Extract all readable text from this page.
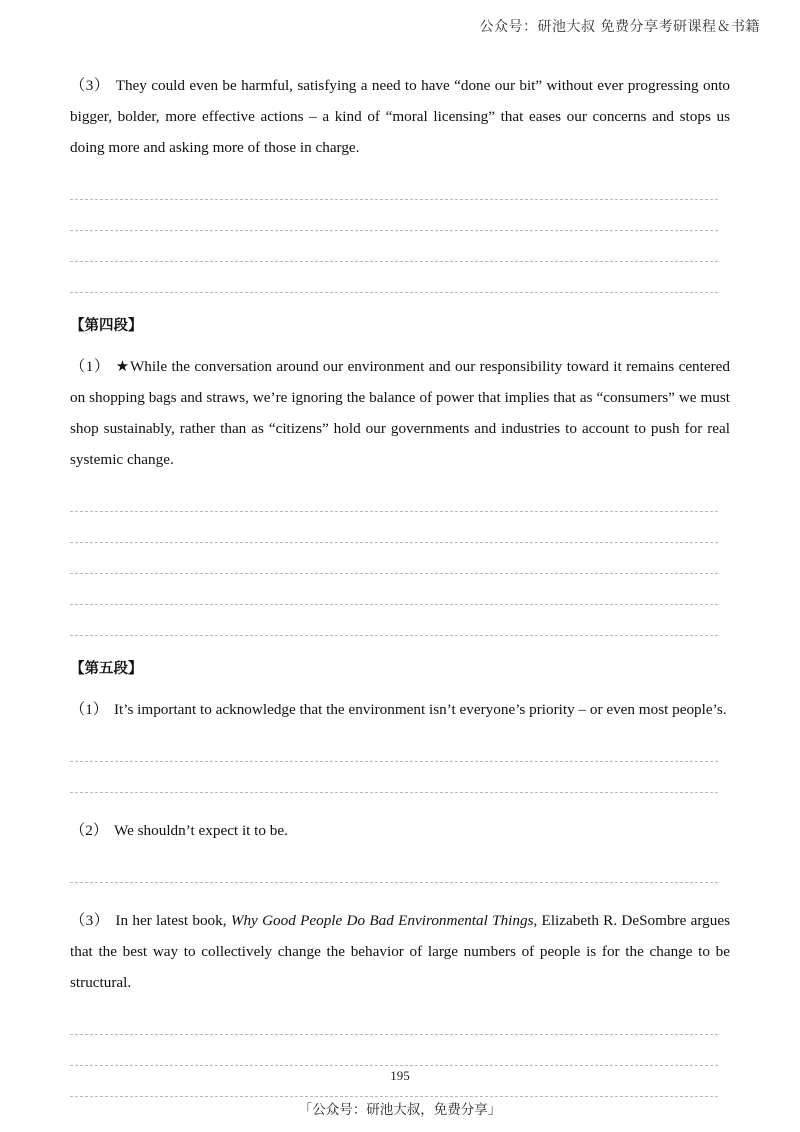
公众号：研池大叔 免费分享考研课程＆书籍

（3） They could even be harmful, satisfying a need to have “done our bit” without ever progressing onto bigger, bolder, more effective actions – a kind of “moral licensing” that eases our concerns and stops us doing more and asking more of those in charge.

【第四段】

（1） ★While the conversation around our environment and our responsibility toward it remains centered on shopping bags and straws, we’re ignoring the balance of power that implies that as “consumers” we must shop sustainably, rather than as “citizens” hold our governments and industries to account to push for real systemic change.

【第五段】

（1） It’s important to acknowledge that the environment isn’t everyone’s priority – or even most people’s.

（2） We shouldn’t expect it to be.

（3） In her latest book, Why Good People Do Bad Environmental Things, Elizabeth R. DeSombre argues that the best way to collectively change the behavior of large numbers of people is for the change to be structural.

195
「公众号：研池大叔，免费分享」
